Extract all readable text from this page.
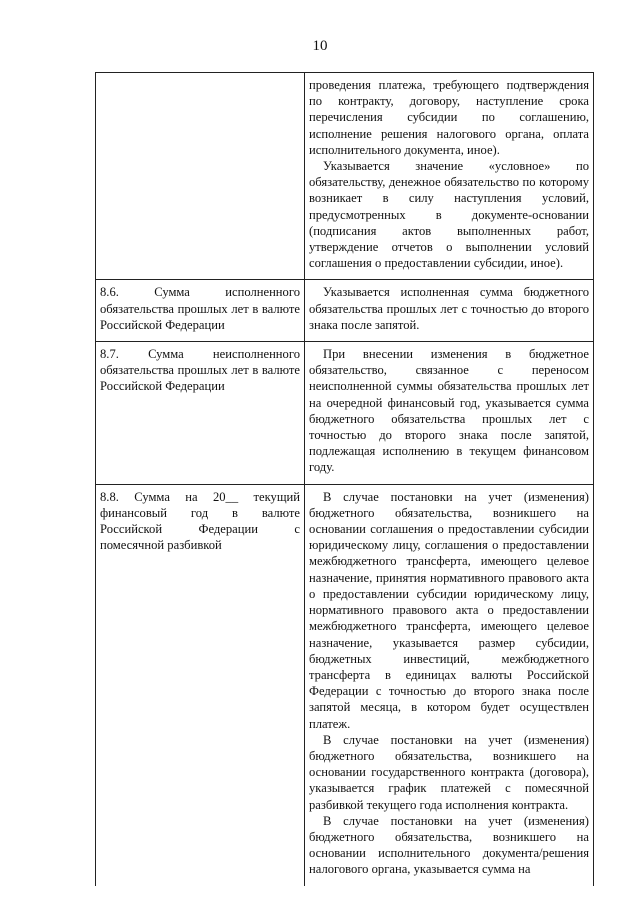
10

	проведения платежа, требующего подтверждения по контракту, договору, наступление срока перечисления субсидии по соглашению, исполнение решения налогового органа, оплата исполнительного документа, иное).

Указывается значение «условное» по обязательству, денежное обязательство по которому возникает в силу наступления условий, предусмотренных в документе-основании (подписания актов выполненных работ, утверждение отчетов о выполнении условий соглашения о предоставлении субсидии, иное).

8.6. Сумма исполненного обязательства прошлых лет в валюте Российской Федерации	Указывается исполненная сумма бюджетного обязательства прошлых лет с точностью до второго знака после запятой.

8.7. Сумма неисполненного обязательства прошлых лет в валюте Российской Федерации	При внесении изменения в бюджетное обязательство, связанное с переносом неисполненной суммы обязательства прошлых лет на очередной финансовый год, указывается сумма бюджетного обязательства прошлых лет с точностью до второго знака после запятой, подлежащая исполнению в текущем финансовом году.

8.8. Сумма на 20__ текущий финансовый год в валюте Российской Федерации с помесячной разбивкой	В случае постановки на учет (изменения) бюджетного обязательства, возникшего на основании соглашения о предоставлении субсидии юридическому лицу, соглашения о предоставлении межбюджетного трансферта, имеющего целевое назначение, принятия нормативного правового акта о предоставлении субсидии юридическому лицу, нормативного правового акта о предоставлении межбюджетного трансферта, имеющего целевое назначение, указывается размер субсидии, бюджетных инвестиций, межбюджетного трансферта в единицах валюты Российской Федерации с точностью до второго знака после запятой месяца, в котором будет осуществлен платеж.

В случае постановки на учет (изменения) бюджетного обязательства, возникшего на основании государственного контракта (договора), указывается график платежей с помесячной разбивкой текущего года исполнения контракта.

В случае постановки на учет (изменения) бюджетного обязательства, возникшего на основании исполнительного документа/решения налогового органа, указывается сумма на
